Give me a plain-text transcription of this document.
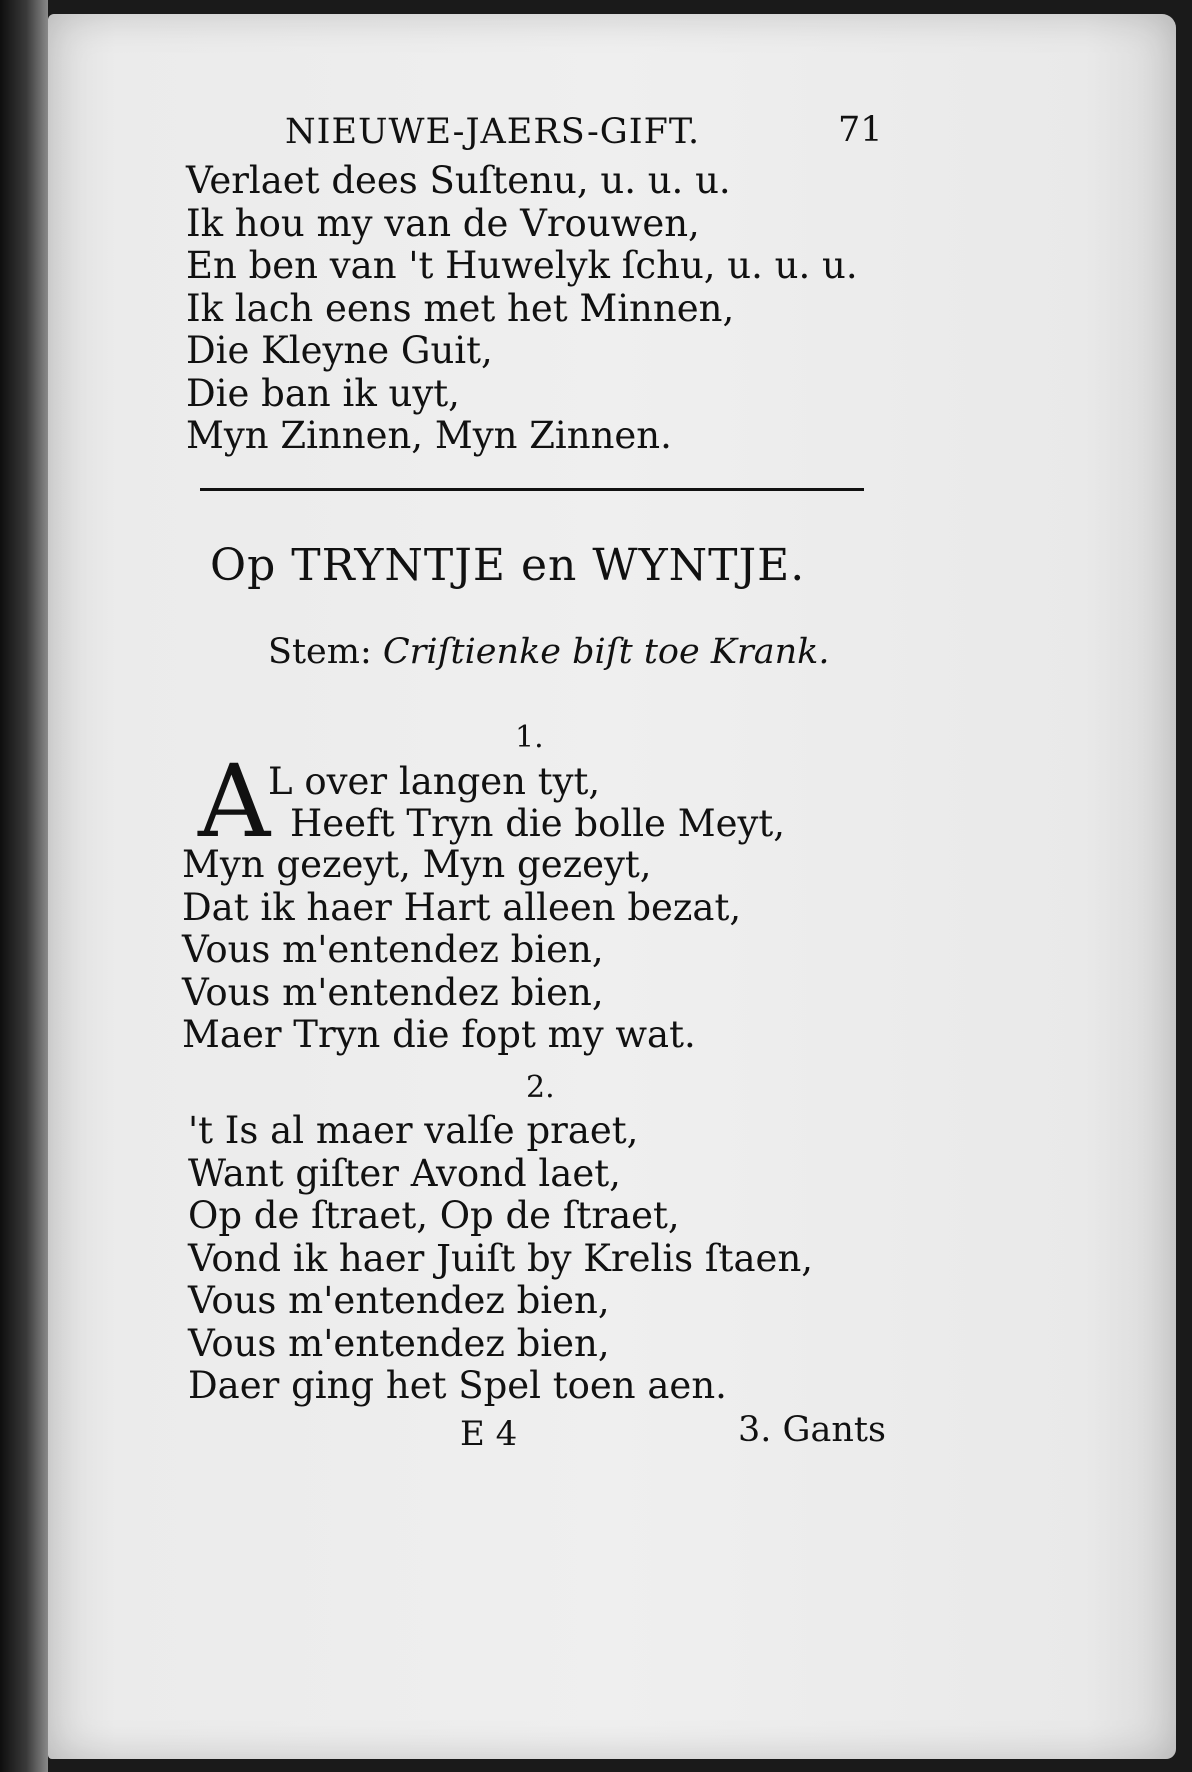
NIEUWE-JAERS-GIFT.	71
Verlaet dees Suſtenu, u. u. u.
Ik hou my van de Vrouwen,
En ben van 't Huwelyk ſchu, u. u. u.
Ik lach eens met het Minnen,
Die Kleyne Guit,
Die ban ik uyt,
Myn Zinnen, Myn Zinnen.
Op TRYNTJE en WYNTJE.
Stem: Criſtienke biſt toe Krank.
1.
A
L over langen tyt,
Heeft Tryn die bolle Meyt,
Myn gezeyt, Myn gezeyt,
Dat ik haer Hart alleen bezat,
Vous m'entendez bien,
Vous m'entendez bien,
Maer Tryn die fopt my wat.
2.
't Is al maer valſe praet,
Want giſter Avond laet,
Op de ſtraet, Op de ſtraet,
Vond ik haer Juiſt by Krelis ſtaen,
Vous m'entendez bien,
Vous m'entendez bien,
Daer ging het Spel toen aen.
E 4	3. Gants
